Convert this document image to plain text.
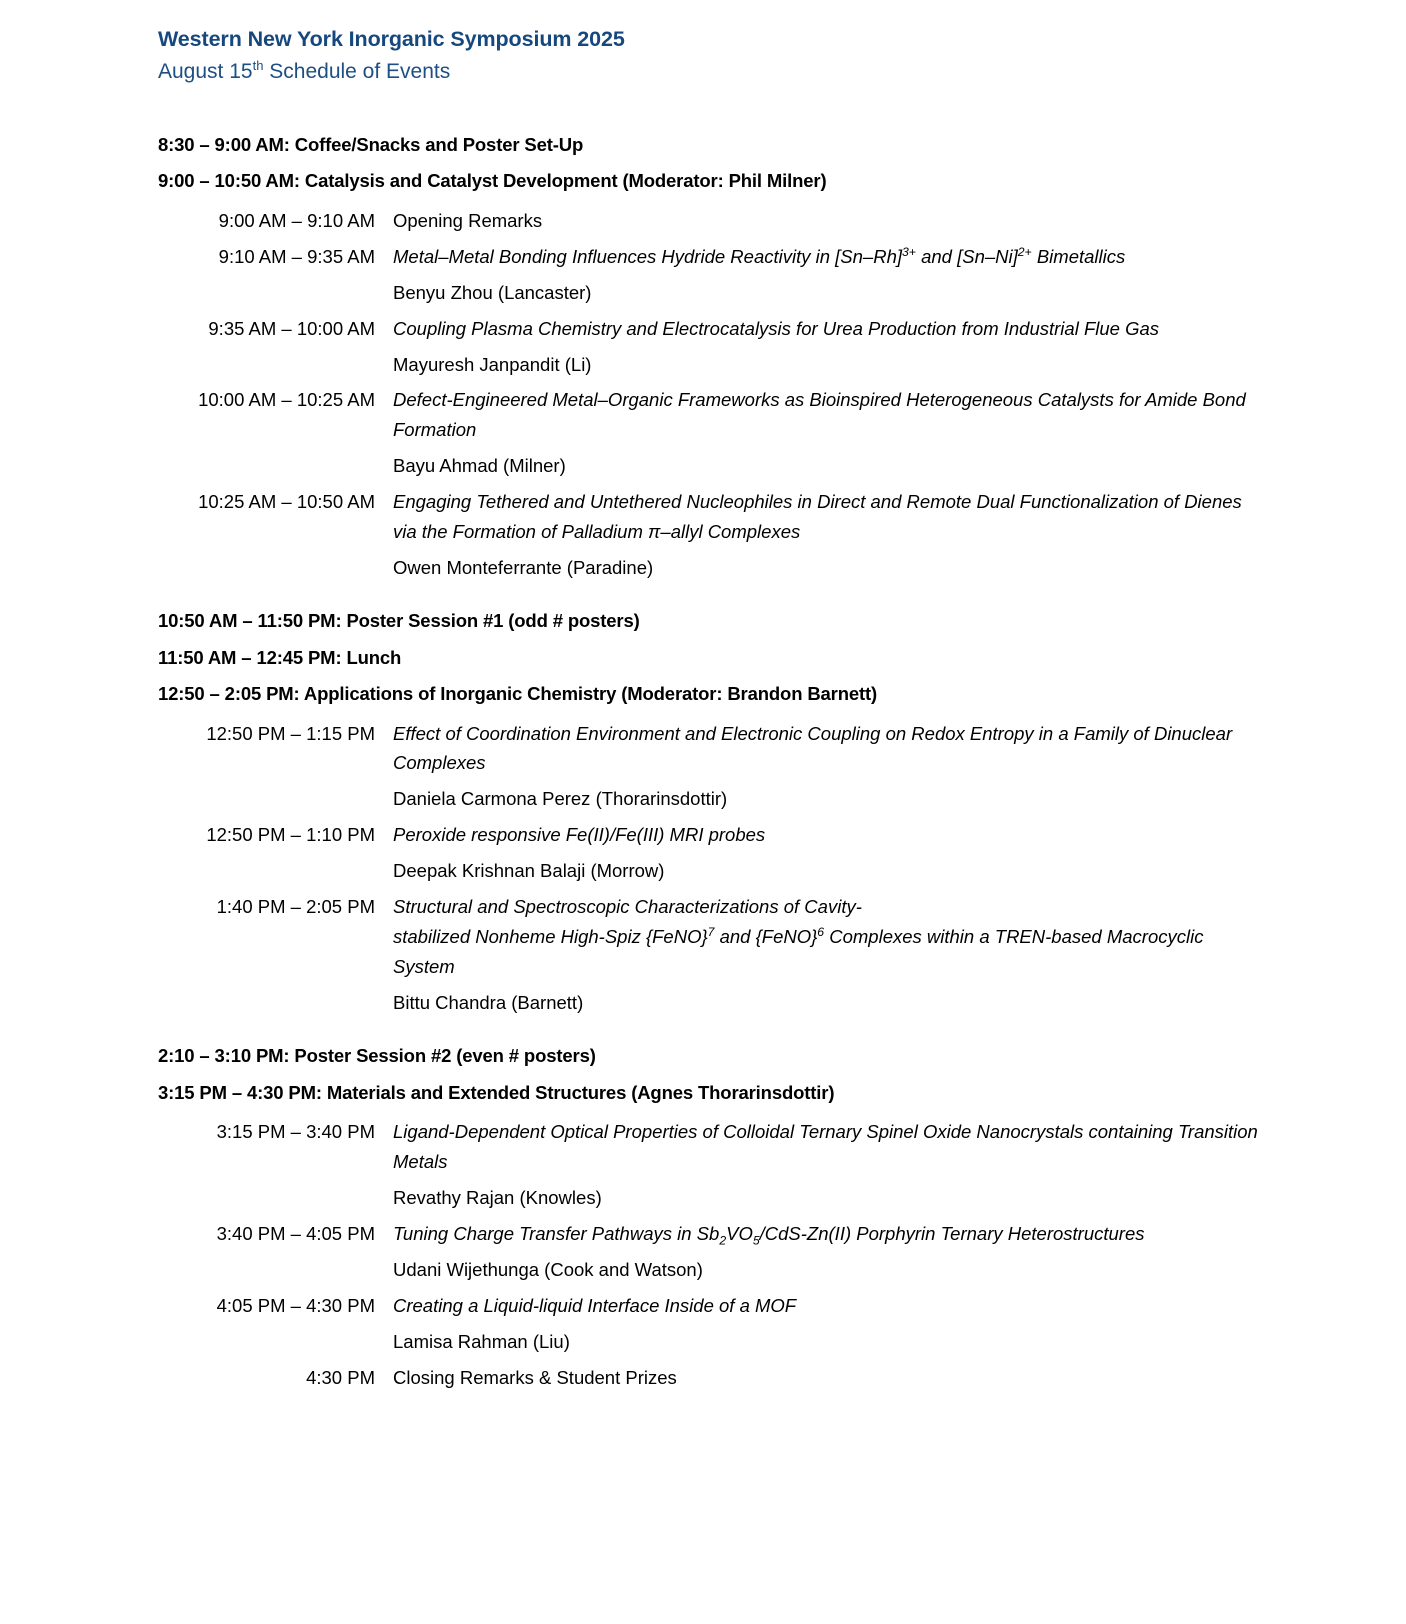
Western New York Inorganic Symposium 2025
August 15th Schedule of Events
8:30 – 9:00 AM: Coffee/Snacks and Poster Set-Up
9:00 – 10:50 AM: Catalysis and Catalyst Development (Moderator: Phil Milner)
9:00 AM – 9:10 AM Opening Remarks
9:10 AM – 9:35 AM Metal–Metal Bonding Influences Hydride Reactivity in $[Sn-Rh]^{3+}$ and $[Sn-Ni]^{2+}$ Bimetallics
Benyu Zhou (Lancaster)
9:35 AM – 10:00 AM Coupling Plasma Chemistry and Electrocatalysis for Urea Production from Industrial Flue Gas
Mayuresh Janpandit (Li)
10:00 AM – 10:25 AM Defect-Engineered Metal–Organic Frameworks as Bioinspired Heterogeneous Catalysts for Amide Bond Formation
Bayu Ahmad (Milner)
10:25 AM – 10:50 AM Engaging Tethered and Untethered Nucleophiles in Direct and Remote Dual Functionalization of Dienes via the Formation of Palladium π–allyl Complexes
Owen Monteferrante (Paradine)
10:50 AM – 11:50 PM: Poster Session #1 (odd # posters)
11:50 AM – 12:45 PM: Lunch
12:50 – 2:05 PM: Applications of Inorganic Chemistry (Moderator: Brandon Barnett)
12:50 PM – 1:15 PM Effect of Coordination Environment and Electronic Coupling on Redox Entropy in a Family of Dinuclear Complexes
Daniela Carmona Perez (Thorarinsdottir)
12:50 PM – 1:10 PM Peroxide responsive Fe(II)/Fe(III) MRI probes
Deepak Krishnan Balaji (Morrow)
1:40 PM – 2:05 PM Structural and Spectroscopic Characterizations of Cavity-
stabilized Nonheme High-Spiz {FeNO}$^7$ and {FeNO}$^6$ Complexes within a TREN-based Macrocyclic System
Bittu Chandra (Barnett)
2:10 – 3:10 PM: Poster Session #2 (even # posters)
3:15 PM – 4:30 PM: Materials and Extended Structures (Agnes Thorarinsdottir)
3:15 PM – 3:40 PM Ligand-Dependent Optical Properties of Colloidal Ternary Spinel Oxide Nanocrystals containing Transition Metals
Revathy Rajan (Knowles)
3:40 PM – 4:05 PM Tuning Charge Transfer Pathways in $Sb_2VO_5/CdS-Zn(II)$ Porphyrin Ternary Heterostructures
Udani Wijethunga (Cook and Watson)
4:05 PM – 4:30 PM Creating a Liquid-liquid Interface Inside of a MOF
Lamisa Rahman (Liu)
4:30 PM Closing Remarks & Student Prizes
